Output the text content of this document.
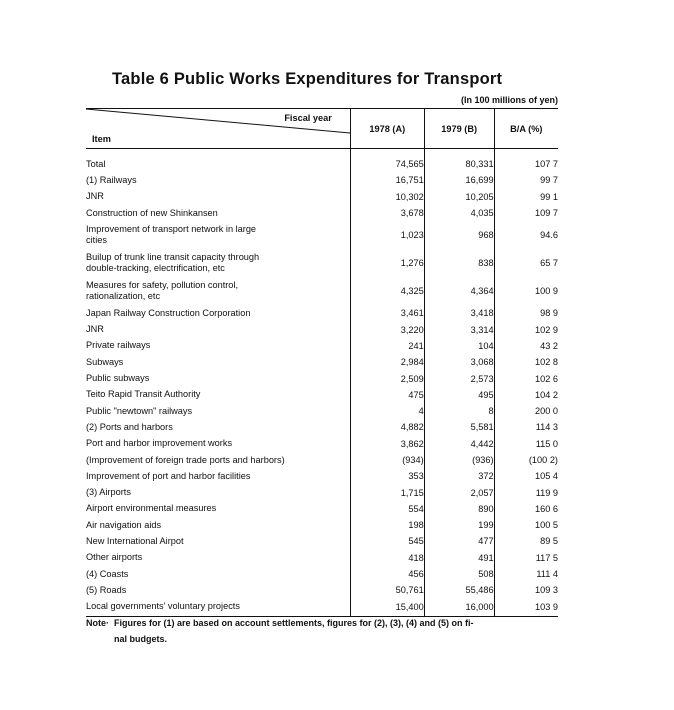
Table 6 Public Works Expenditures for Transport
(In 100 millions of yen)
Fiscal year
Item	1978 (A)	1979 (B)	B/A (%)
Total	74,565	80,331	107 7
(1) Railways	16,751	16,699	99 7
JNR	10,302	10,205	99 1
Construction of new Shinkansen	3,678	4,035	109 7
Improvement of transport network in large
cities	1,023	968	94.6
Builup of trunk line transit capacity through
double-tracking, electrification, etc	1,276	838	65 7
Measures for safety, pollution control,
rationalization, etc	4,325	4,364	100 9
Japan Railway Construction Corporation	3,461	3,418	98 9
JNR	3,220	3,314	102 9
Private railways	241	104	43 2
Subways	2,984	3,068	102 8
Public subways	2,509	2,573	102 6
Teito Rapid Transit Authority	475	495	104 2
Public "newtown" railways	4	8	200 0
(2) Ports and harbors	4,882	5,581	114 3
Port and harbor improvement works	3,862	4,442	115 0
(Improvement of foreign trade ports and harbors)	(934)	(936)	(100 2)
Improvement of port and harbor facilities	353	372	105 4
(3) Airports	1,715	2,057	119 9
Airport environmental measures	554	890	160 6
Air navigation aids	198	199	100 5
New International Airpot	545	477	89 5
Other airports	418	491	117 5
(4) Coasts	456	508	111 4
(5) Roads	50,761	55,486	109 3
Local governments' voluntary projects	15,400	16,000	103 9
Note· Figures for (1) are based on account settlements, figures for (2), (3), (4) and (5) on fi-
nal budgets.
